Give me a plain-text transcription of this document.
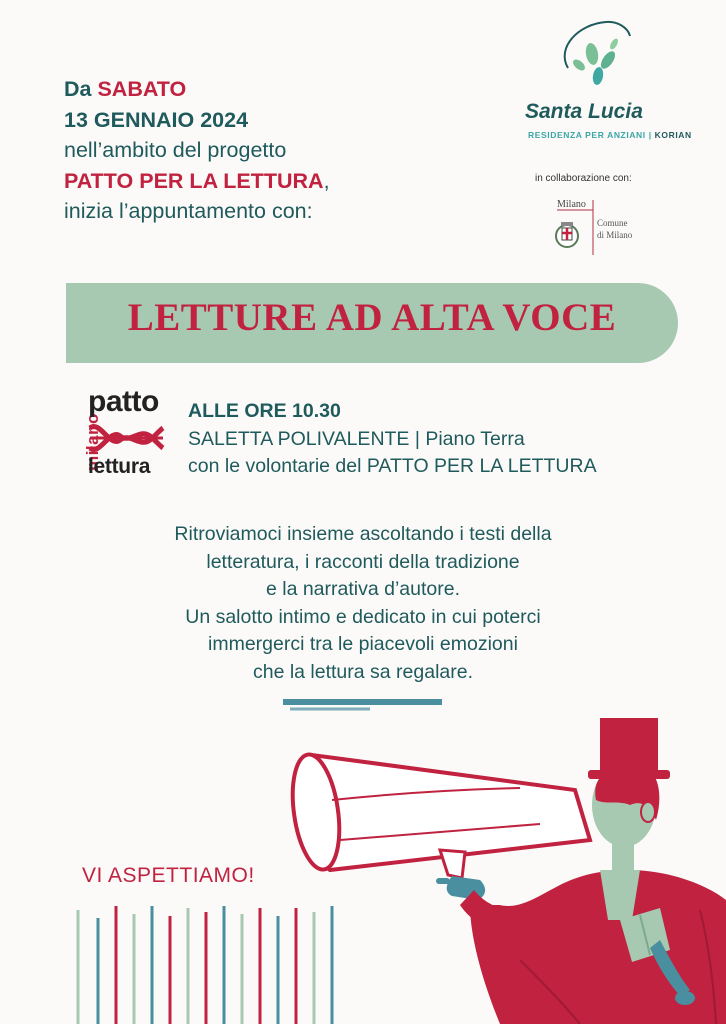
Da SABATO
13 GENNAIO 2024
nell’ambito del progetto
PATTO PER LA LETTURA,
inizia l’appuntamento con:
Santa Lucia
RESIDENZA PER ANZIANI | KORIAN
in collaborazione con:
Milano
Comune
di Milano
LETTURE AD ALTA VOCE
milano
patto
lettura
ALLE ORE 10.30
SALETTA POLIVALENTE | Piano Terra
con le volontarie del PATTO PER LA LETTURA
Ritroviamoci insieme ascoltando i testi della
letteratura, i racconti della tradizione
e la narrativa d’autore.
Un salotto intimo e dedicato in cui poterci
immergerci tra le piacevoli emozioni
che la lettura sa regalare.
VI ASPETTIAMO!
